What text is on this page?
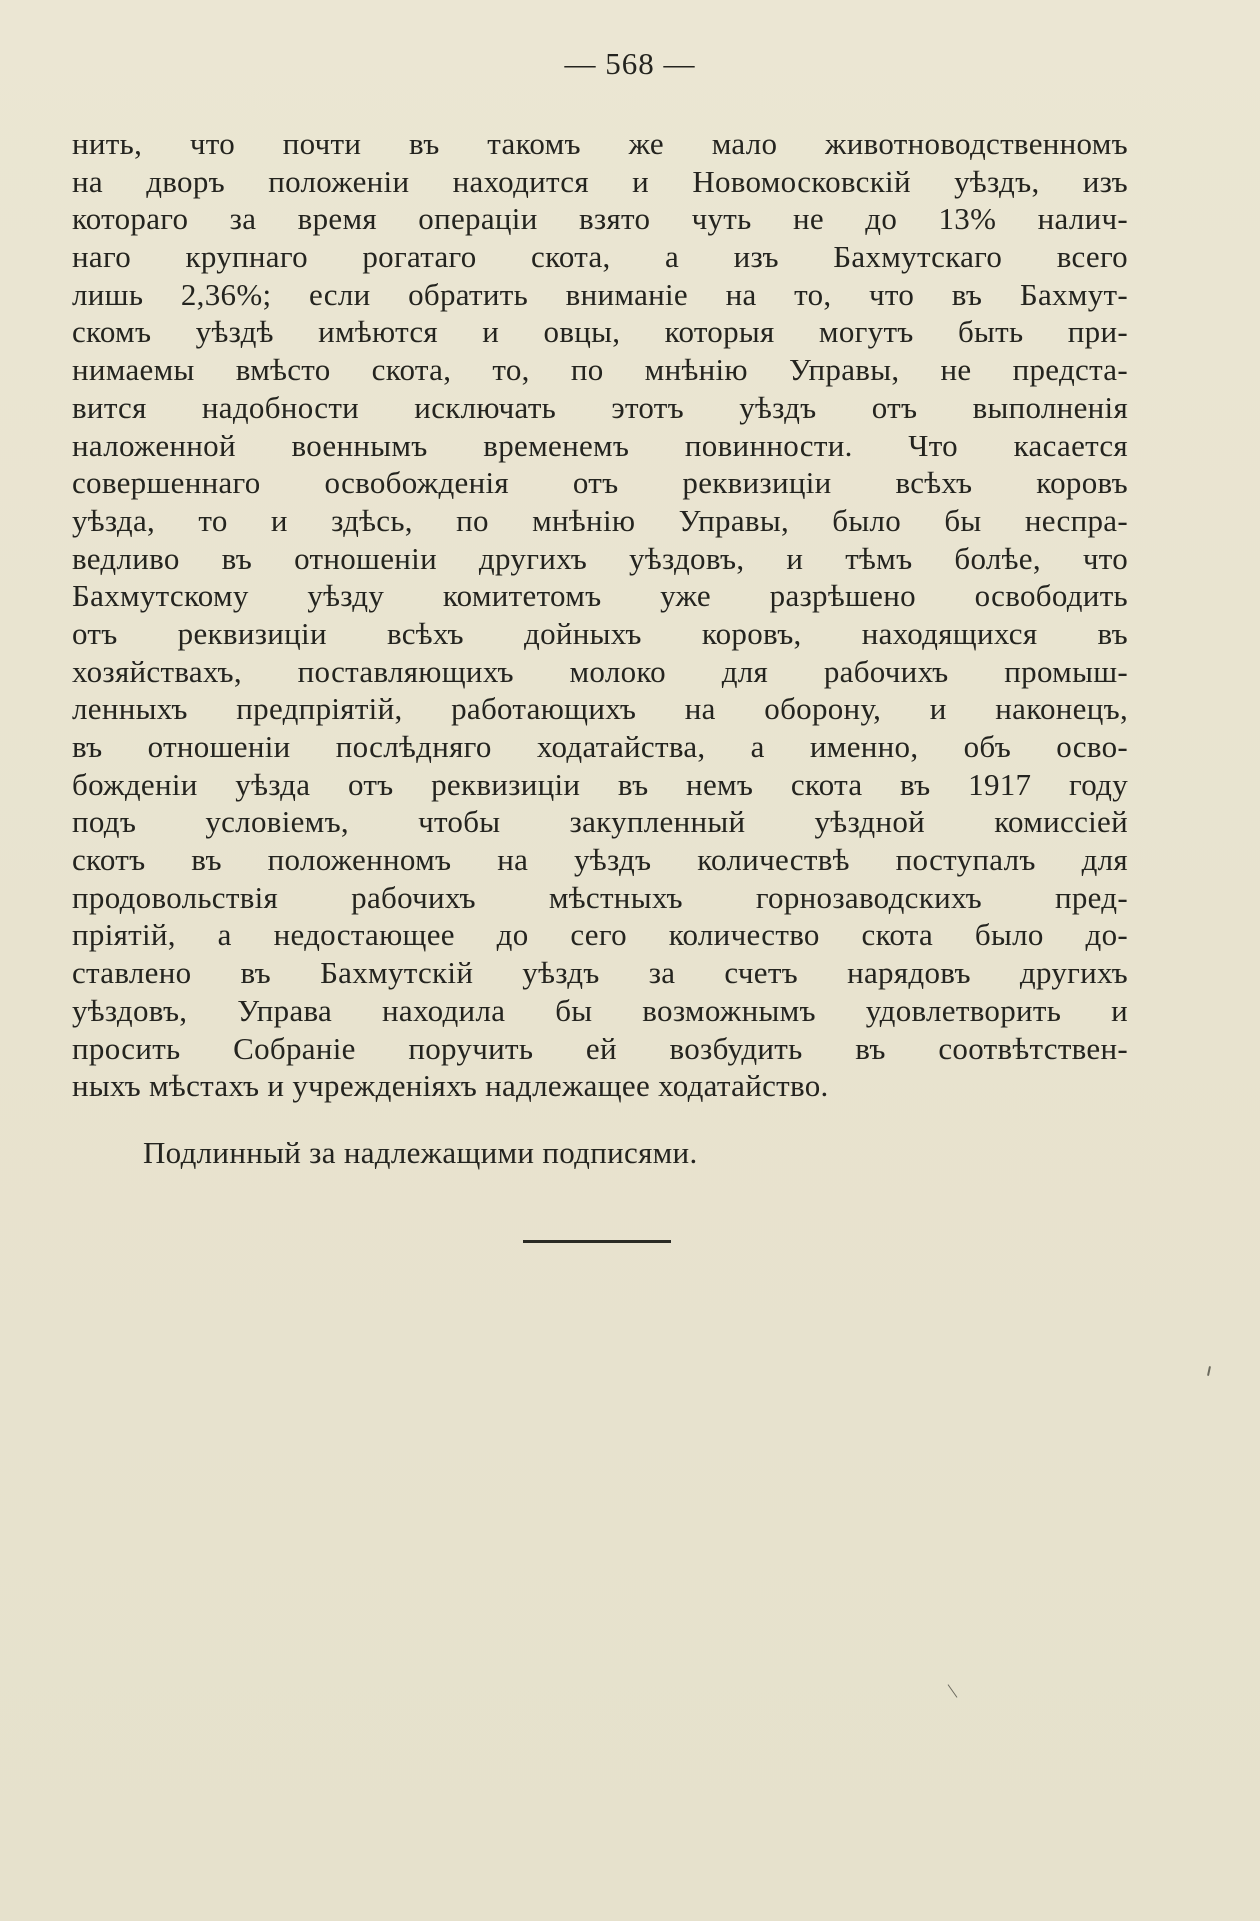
— 568 —
нить, что почти въ такомъ же мало животноводственномъ
на дворъ положеніи находится и Новомосковскій уѣздъ, изъ
котораго за время операціи взято чуть не до 13% налич-
наго крупнаго рогатаго скота, а изъ Бахмутскаго всего
лишь 2,36%; если обратить вниманіе на то, что въ Бахмут-
скомъ уѣздѣ имѣются и овцы, которыя могутъ быть при-
нимаемы вмѣсто скота, то, по мнѣнію Управы, не предста-
вится надобности исключать этотъ уѣздъ отъ выполненія
наложенной военнымъ временемъ повинности. Что касается
совершеннаго освобожденія отъ реквизиціи всѣхъ коровъ
уѣзда, то и здѣсь, по мнѣнію Управы, было бы неспра-
ведливо въ отношеніи другихъ уѣздовъ, и тѣмъ болѣе, что
Бахмутскому уѣзду комитетомъ уже разрѣшено освободить
отъ реквизиціи всѣхъ дойныхъ коровъ, находящихся въ
хозяйствахъ, поставляющихъ молоко для рабочихъ промыш-
ленныхъ предпріятій, работающихъ на оборону, и наконецъ,
въ отношеніи послѣдняго ходатайства, а именно, объ осво-
божденіи уѣзда отъ реквизиціи въ немъ скота въ 1917 году
подъ условіемъ, чтобы закупленный уѣздной комиссіей
скотъ въ положенномъ на уѣздъ количествѣ поступалъ для
продовольствія рабочихъ мѣстныхъ горнозаводскихъ пред-
пріятій, а недостающее до сего количество скота было до-
ставлено въ Бахмутскій уѣздъ за счетъ нарядовъ другихъ
уѣздовъ, Управа находила бы возможнымъ удовлетворить и
просить Собраніе поручить ей возбудить въ соотвѣтствен-
ныхъ мѣстахъ и учрежденіяхъ надлежащее ходатайство.
Подлинный за надлежащими подписями.
